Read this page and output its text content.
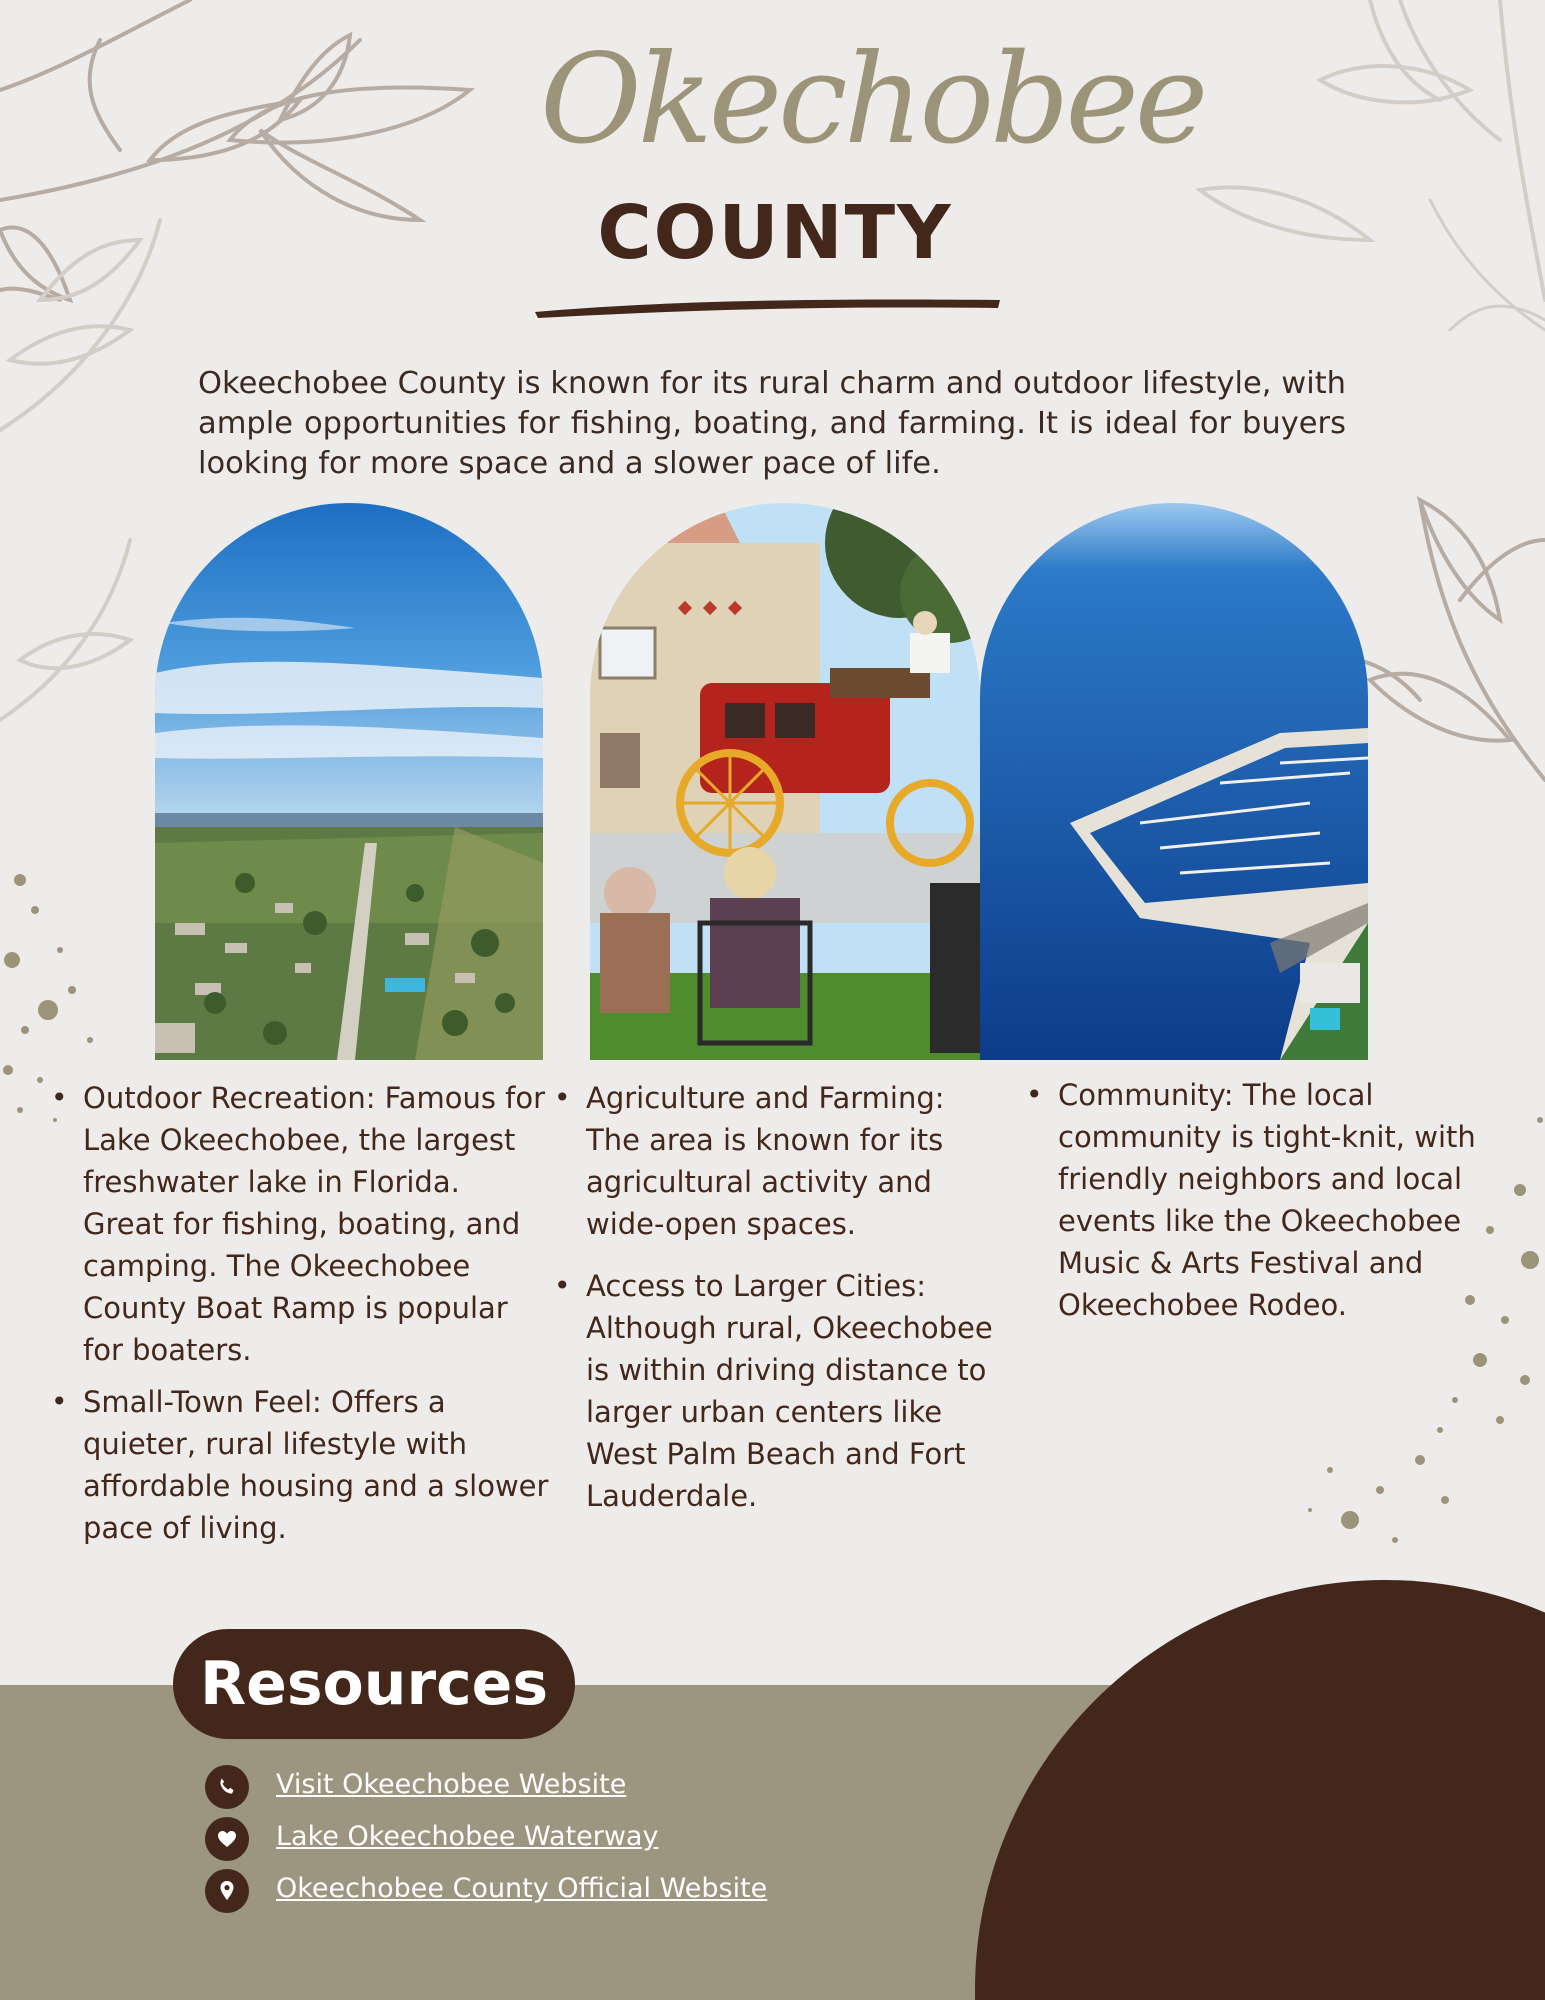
Okechobee
COUNTY

Okeechobee County is known for its rural charm and outdoor lifestyle, with ample opportunities for fishing, boating, and farming. It is ideal for buyers looking for more space and a slower pace of life.

• Outdoor Recreation: Famous for Lake Okeechobee, the largest freshwater lake in Florida. Great for fishing, boating, and camping. The Okeechobee County Boat Ramp is popular for boaters.
• Small-Town Feel: Offers a quieter, rural lifestyle with affordable housing and a slower pace of living.
• Agriculture and Farming: The area is known for its agricultural activity and wide-open spaces.
• Access to Larger Cities: Although rural, Okeechobee is within driving distance to larger urban centers like West Palm Beach and Fort Lauderdale.
• Community: The local community is tight-knit, with friendly neighbors and local events like the Okeechobee Music & Arts Festival and Okeechobee Rodeo.
Resources
Visit Okeechobee Website
Lake Okeechobee Waterway
Okeechobee County Official Website
